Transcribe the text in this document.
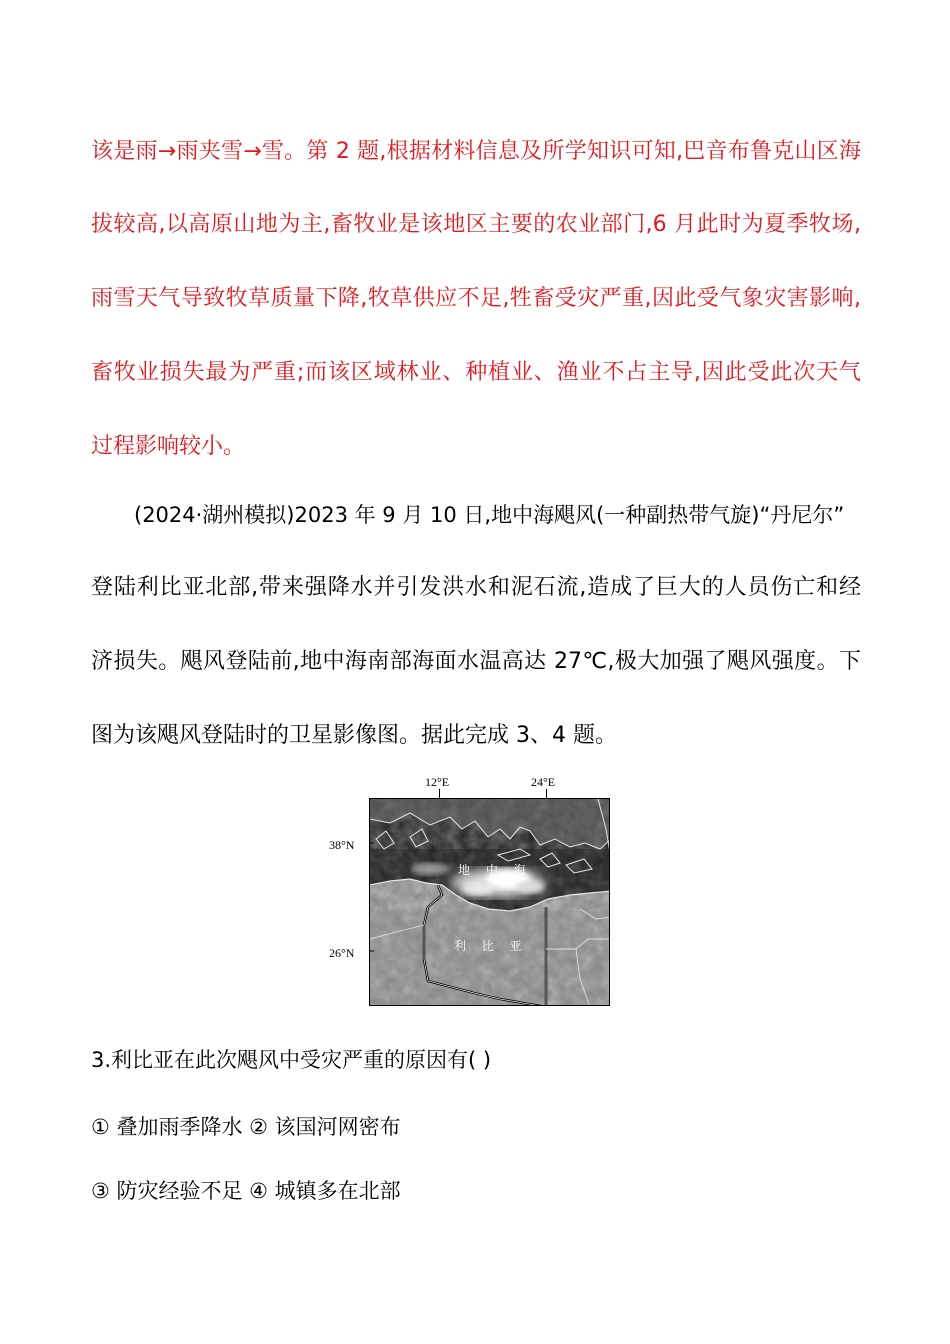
该是雨→雨夹雪→雪。第 2 题,根据材料信息及所学知识可知,巴音布鲁克山区海
拔较高,以高原山地为主,畜牧业是该地区主要的农业部门,6 月此时为夏季牧场,
雨雪天气导致牧草质量下降,牧草供应不足,牲畜受灾严重,因此受气象灾害影响,
畜牧业损失最为严重;而该区域林业、种植业、渔业不占主导,因此受此次天气
过程影响较小。
(2024·湖州模拟)2023 年 9 月 10 日,地中海飓风(一种副热带气旋)“丹尼尔”
登陆利比亚北部,带来强降水并引发洪水和泥石流,造成了巨大的人员伤亡和经
济损失。飓风登陆前,地中海南部海面水温高达 27℃,极大加强了飓风强度。下
图为该飓风登陆时的卫星影像图。据此完成 3、4 题。
12°E	24°E
38°N
26°N
地 中 海
利 比 亚
3.利比亚在此次飓风中受灾严重的原因有( )
① 叠加雨季降水 ② 该国河网密布
③ 防灾经验不足 ④ 城镇多在北部
